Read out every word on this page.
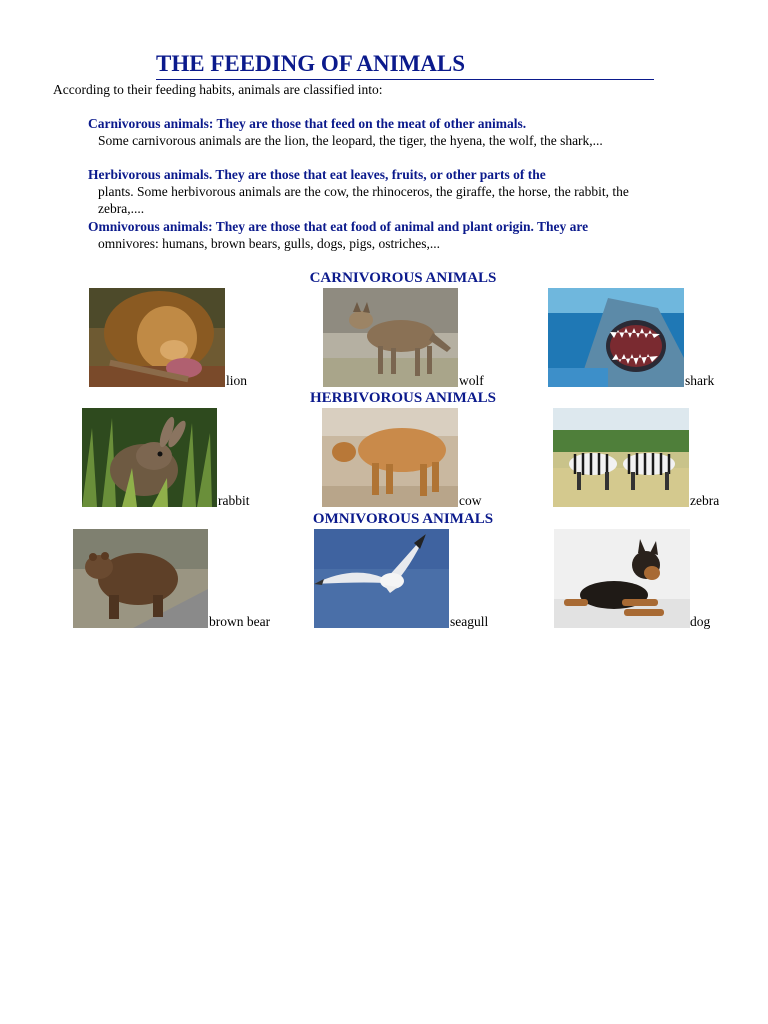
THE FEEDING OF ANIMALS
According to their feeding habits, animals are classified into:
Carnivorous animals: They are those that feed on the meat of other animals.
Some carnivorous animals are the lion, the leopard, the tiger, the hyena, the wolf, the shark,...
Herbivorous animals. They are those that eat leaves, fruits, or other parts of the
plants. Some herbivorous animals are the cow, the rhinoceros, the giraffe, the horse, the rabbit, the zebra,....
Omnivorous animals: They are those that eat food of animal and plant origin. They are
omnivores: humans, brown bears, gulls, dogs, pigs, ostriches,...
CARNIVOROUS ANIMALS
lion	wolf	shark
HERBIVOROUS ANIMALS
rabbit	cow	zebra
OMNIVOROUS ANIMALS
brown bear	seagull	dog
